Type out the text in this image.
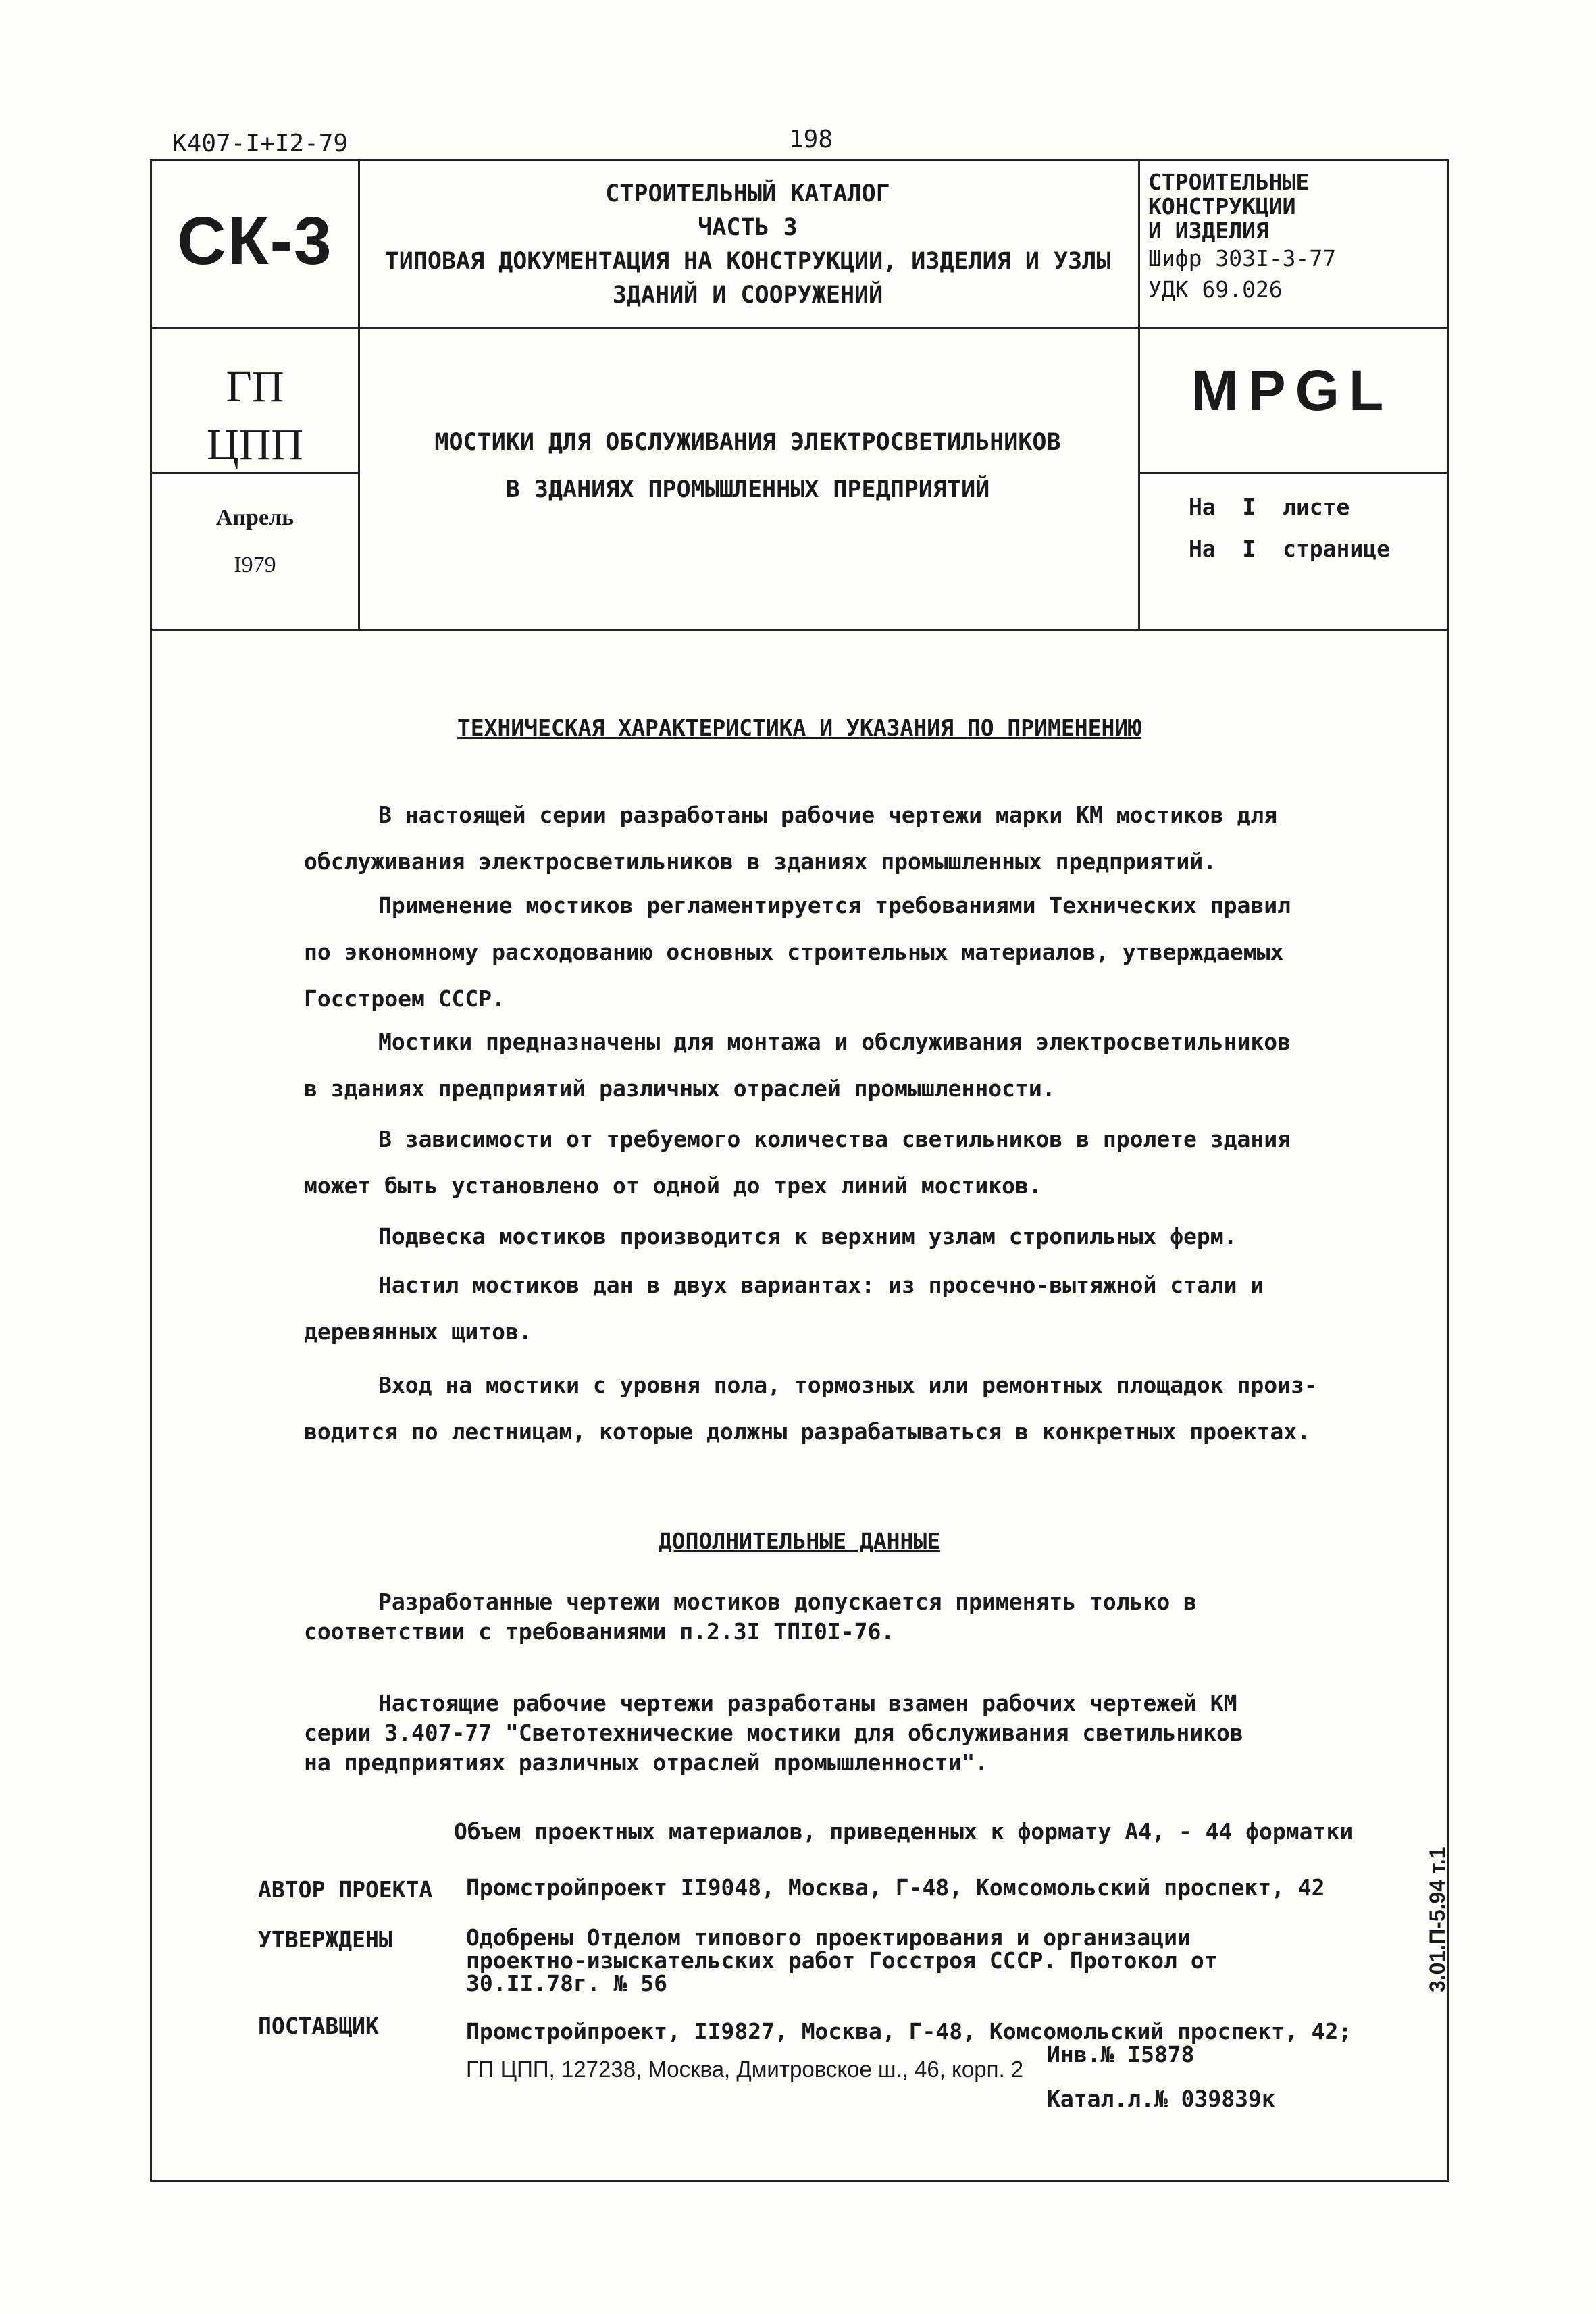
К407-I+I2-79	198
СК-3
СТРОИТЕЛЬНЫЙ КАТАЛОГ
ЧАСТЬ 3
ТИПОВАЯ ДОКУМЕНТАЦИЯ НА КОНСТРУКЦИИ, ИЗДЕЛИЯ И УЗЛЫ
ЗДАНИЙ И СООРУЖЕНИЙ
СТРОИТЕЛЬНЫЕ
КОНСТРУКЦИИ
И ИЗДЕЛИЯ
Шифр 303I-3-77
УДК 69.026
ГП
ЦПП
Апрель
I979
МОСТИКИ ДЛЯ ОБСЛУЖИВАНИЯ ЭЛЕКТРОСВЕТИЛЬНИКОВ
В ЗДАНИЯХ ПРОМЫШЛЕННЫХ ПРЕДПРИЯТИЙ
MPGL
На  I  листе
На  I  странице
ТЕХНИЧЕСКАЯ ХАРАКТЕРИСТИКА И УКАЗАНИЯ ПО ПРИМЕНЕНИЮ
В настоящей серии разработаны рабочие чертежи марки КМ мостиков для
обслуживания электросветильников в зданиях промышленных предприятий.
Применение мостиков регламентируется требованиями Технических правил
по экономному расходованию основных строительных материалов, утверждаемых
Госстроем СССР.
Мостики предназначены для монтажа и обслуживания электросветильников
в зданиях предприятий различных отраслей промышленности.
В зависимости от требуемого количества светильников в пролете здания
может быть установлено от одной до трех линий мостиков.
Подвеска мостиков производится к верхним узлам стропильных ферм.
Настил мостиков дан в двух вариантах: из просечно-вытяжной стали и
деревянных щитов.
Вход на мостики с уровня пола, тормозных или ремонтных площадок произ-
водится по лестницам, которые должны разрабатываться в конкретных проектах.
ДОПОЛНИТЕЛЬНЫЕ ДАННЫЕ
Разработанные чертежи мостиков допускается применять только в
соответствии с требованиями п.2.3I ТПI0I-76.
Настоящие рабочие чертежи разработаны взамен рабочих чертежей КМ
серии 3.407-77 "Светотехнические мостики для обслуживания светильников
на предприятиях различных отраслей промышленности".
Объем проектных материалов, приведенных к формату А4, - 44 форматки
АВТОР ПРОЕКТА Промстройпроект II9048, Москва, Г-48, Комсомольский проспект, 42
УТВЕРЖДЕНЫ	Одобрены Отделом типового проектирования и организации
проектно-изыскательских работ Госстроя СССР. Протокол от
30.II.78г. № 56
ПОСТАВЩИК	Промстройпроект, II9827, Москва, Г-48, Комсомольский проспект, 42;
ГП ЦПП, 127238, Москва, Дмитровское ш., 46, корп. 2
Инв.№ I5878
Катал.л.№ 039839к
3.01.П-5.94 т.1
